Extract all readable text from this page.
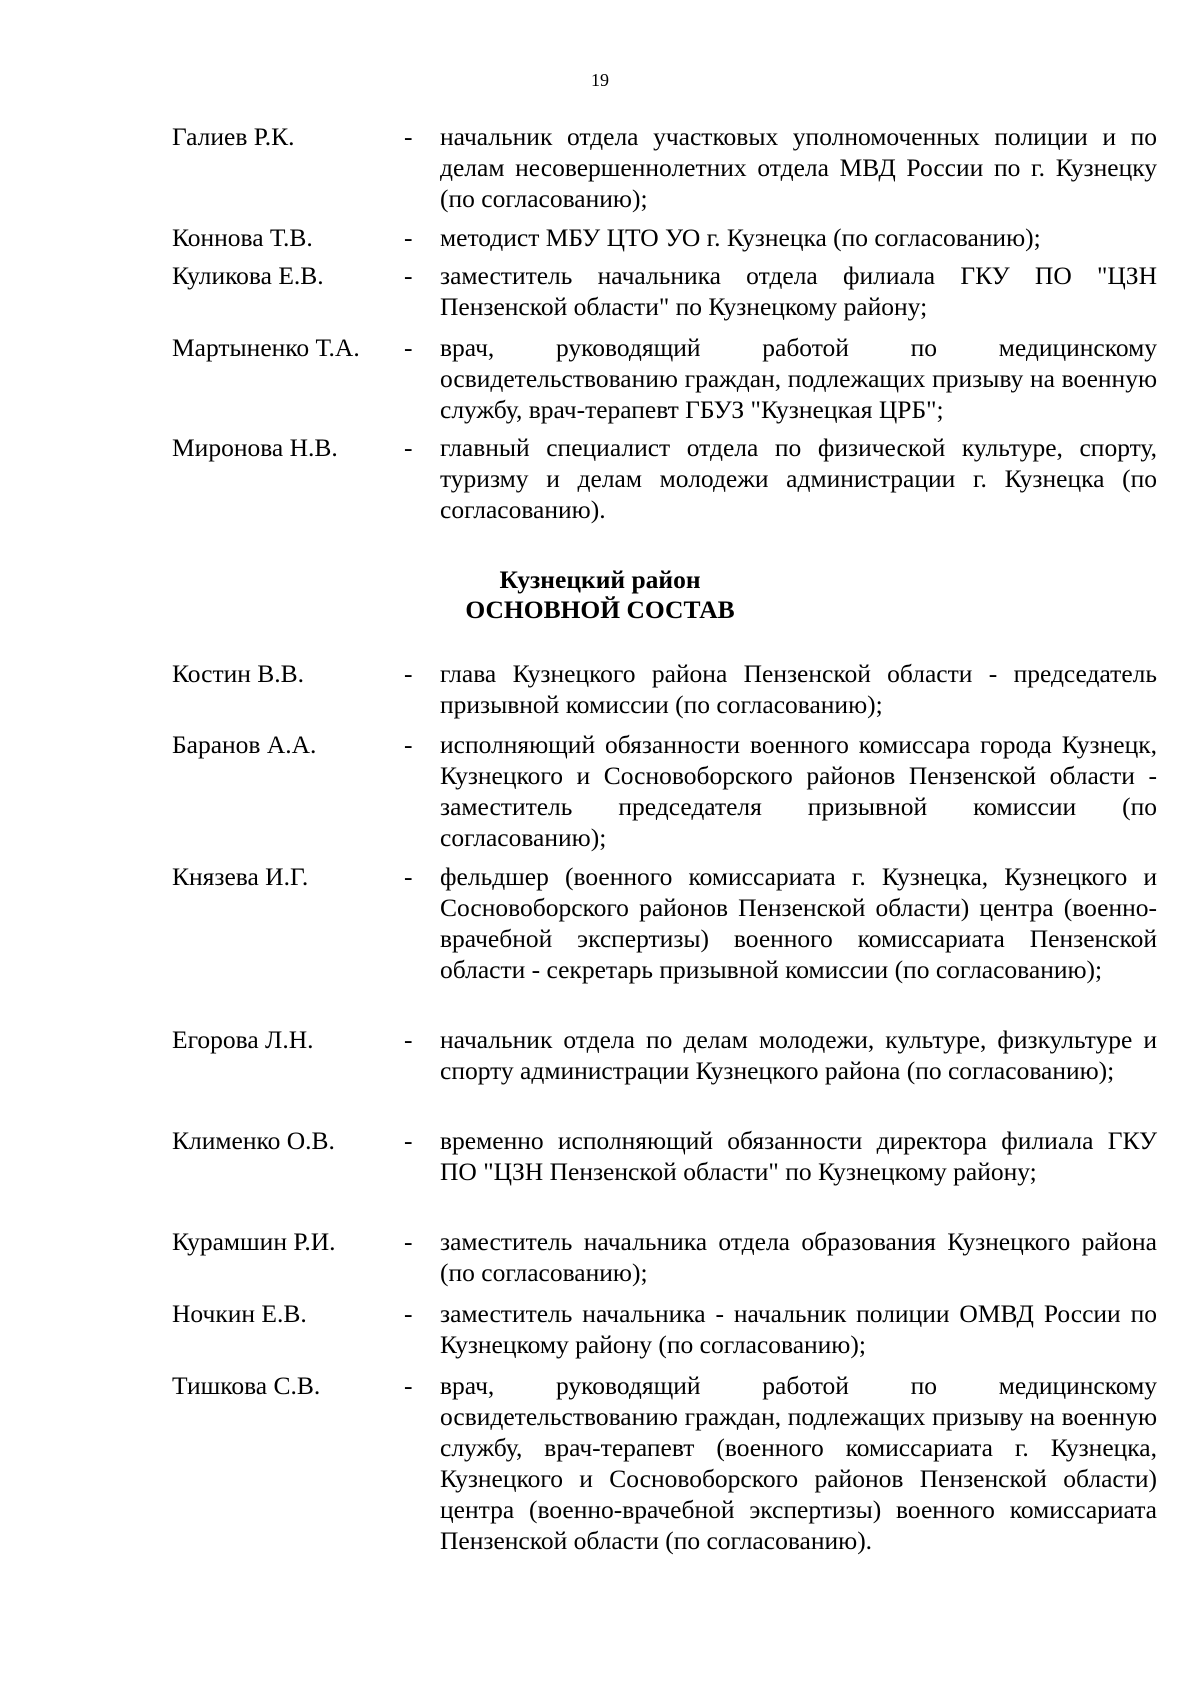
19
Галиев Р.К.	- начальник отдела участковых уполномоченных полиции и по делам несовершеннолетних отдела МВД России по г. Кузнецку (по согласованию);
Коннова Т.В.	- методист МБУ ЦТО УО г. Кузнецка (по согласованию);
Куликова Е.В.	- заместитель начальника отдела филиала ГКУ ПО "ЦЗН Пензенской области" по Кузнецкому району;
Мартыненко Т.А. - врач, руководящий работой по медицинскому освидетельствованию граждан, подлежащих призыву на военную службу, врач-терапевт ГБУЗ "Кузнецкая ЦРБ";
Миронова Н.В.	- главный специалист отдела по физической культуре, спорту, туризму и делам молодежи администрации г. Кузнецка (по согласованию).
Кузнецкий район
ОСНОВНОЙ СОСТАВ
Костин В.В.	- глава Кузнецкого района Пензенской области - председатель призывной комиссии (по согласованию);
Баранов А.А.	- исполняющий обязанности военного комиссара города Кузнецк, Кузнецкого и Сосновоборского районов Пензенской области - заместитель председателя призывной комиссии (по согласованию);
Князева И.Г.	- фельдшер (военного комиссариата г. Кузнецка, Кузнецкого и Сосновоборского районов Пензенской области) центра (военно-врачебной экспертизы) военного комиссариата Пензенской области - секретарь призывной комиссии (по согласованию);
Егорова Л.Н.	- начальник отдела по делам молодежи, культуре, физкультуре и спорту администрации Кузнецкого района (по согласованию);
Клименко О.В.	- временно исполняющий обязанности директора филиала ГКУ ПО "ЦЗН Пензенской области" по Кузнецкому району;
Курамшин Р.И.	- заместитель начальника отдела образования Кузнецкого района (по согласованию);
Ночкин Е.В.	- заместитель начальника - начальник полиции ОМВД России по Кузнецкому району (по согласованию);
Тишкова С.В.	- врач, руководящий работой по медицинскому освидетельствованию граждан, подлежащих призыву на военную службу, врач-терапевт (военного комиссариата г. Кузнецка, Кузнецкого и Сосновоборского районов Пензенской области) центра (военно-врачебной экспертизы) военного комиссариата Пензенской области (по согласованию).
